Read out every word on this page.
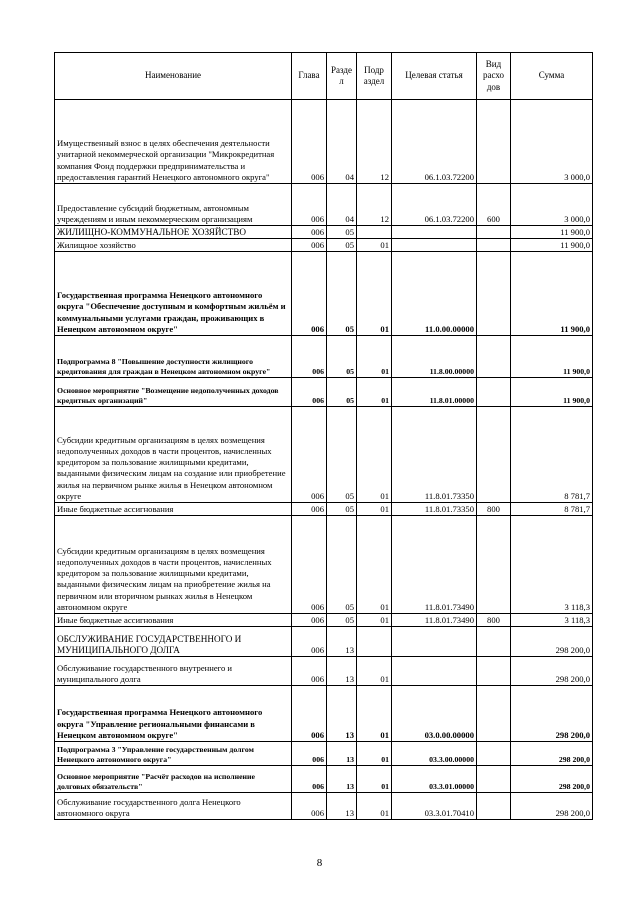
Наименование	Глава	Разде л	Подр аздел	Целевая статья	Вид расхо дов	Сумма
Имущественный взнос в целях обеспечения деятельности унитарной некоммерческой организации "Микрокредитная компания Фонд поддержки предпринимательства и предоставления гарантий Ненецкого автономного округа"	006	04	12	06.1.03.72200		3 000,0
Предоставление субсидий бюджетным, автономным учреждениям и иным некоммерческим организациям	006	04	12	06.1.03.72200	600	3 000,0
ЖИЛИЩНО-КОММУНАЛЬНОЕ ХОЗЯЙСТВО	006	05				11 900,0
Жилищное хозяйство	006	05	01			11 900,0
Государственная программа Ненецкого автономного округа "Обеспечение доступным и комфортным жильём и коммунальными услугами граждан, проживающих в Ненецком автономном округе"	006	05	01	11.0.00.00000		11 900,0
Подпрограмма 8 "Повышение доступности жилищного кредитования для граждан в Ненецком автономном округе"	006	05	01	11.8.00.00000		11 900,0
Основное мероприятие "Возмещение недополученных доходов кредитных организаций"	006	05	01	11.8.01.00000		11 900,0
Субсидии кредитным организациям в целях возмещения недополученных доходов в части процентов, начисленных кредитором за пользование жилищными кредитами, выданными физическим лицам на создание или приобретение жилья на первичном рынке жилья в Ненецком автономном округе	006	05	01	11.8.01.73350		8 781,7
Иные бюджетные ассигнования	006	05	01	11.8.01.73350	800	8 781,7
Субсидии кредитным организациям в целях возмещения недополученных доходов в части процентов, начисленных кредитором за пользование жилищными кредитами, выданными физическим лицам на приобретение жилья на первичном или вторичном рынках жилья в Ненецком автономном округе	006	05	01	11.8.01.73490		3 118,3
Иные бюджетные ассигнования	006	05	01	11.8.01.73490	800	3 118,3
ОБСЛУЖИВАНИЕ ГОСУДАРСТВЕННОГО И МУНИЦИПАЛЬНОГО ДОЛГА	006	13				298 200,0
Обслуживание государственного внутреннего и муниципального долга	006	13	01			298 200,0
Государственная программа Ненецкого автономного округа "Управление региональными финансами в Ненецком автономном округе"	006	13	01	03.0.00.00000		298 200,0
Подпрограмма 3 "Управление государственным долгом Ненецкого автономного округа"	006	13	01	03.3.00.00000		298 200,0
Основное мероприятие "Расчёт расходов на исполнение долговых обязательств"	006	13	01	03.3.01.00000		298 200,0
Обслуживание государственного долга Ненецкого автономного округа	006	13	01	03.3.01.70410		298 200,0
8
